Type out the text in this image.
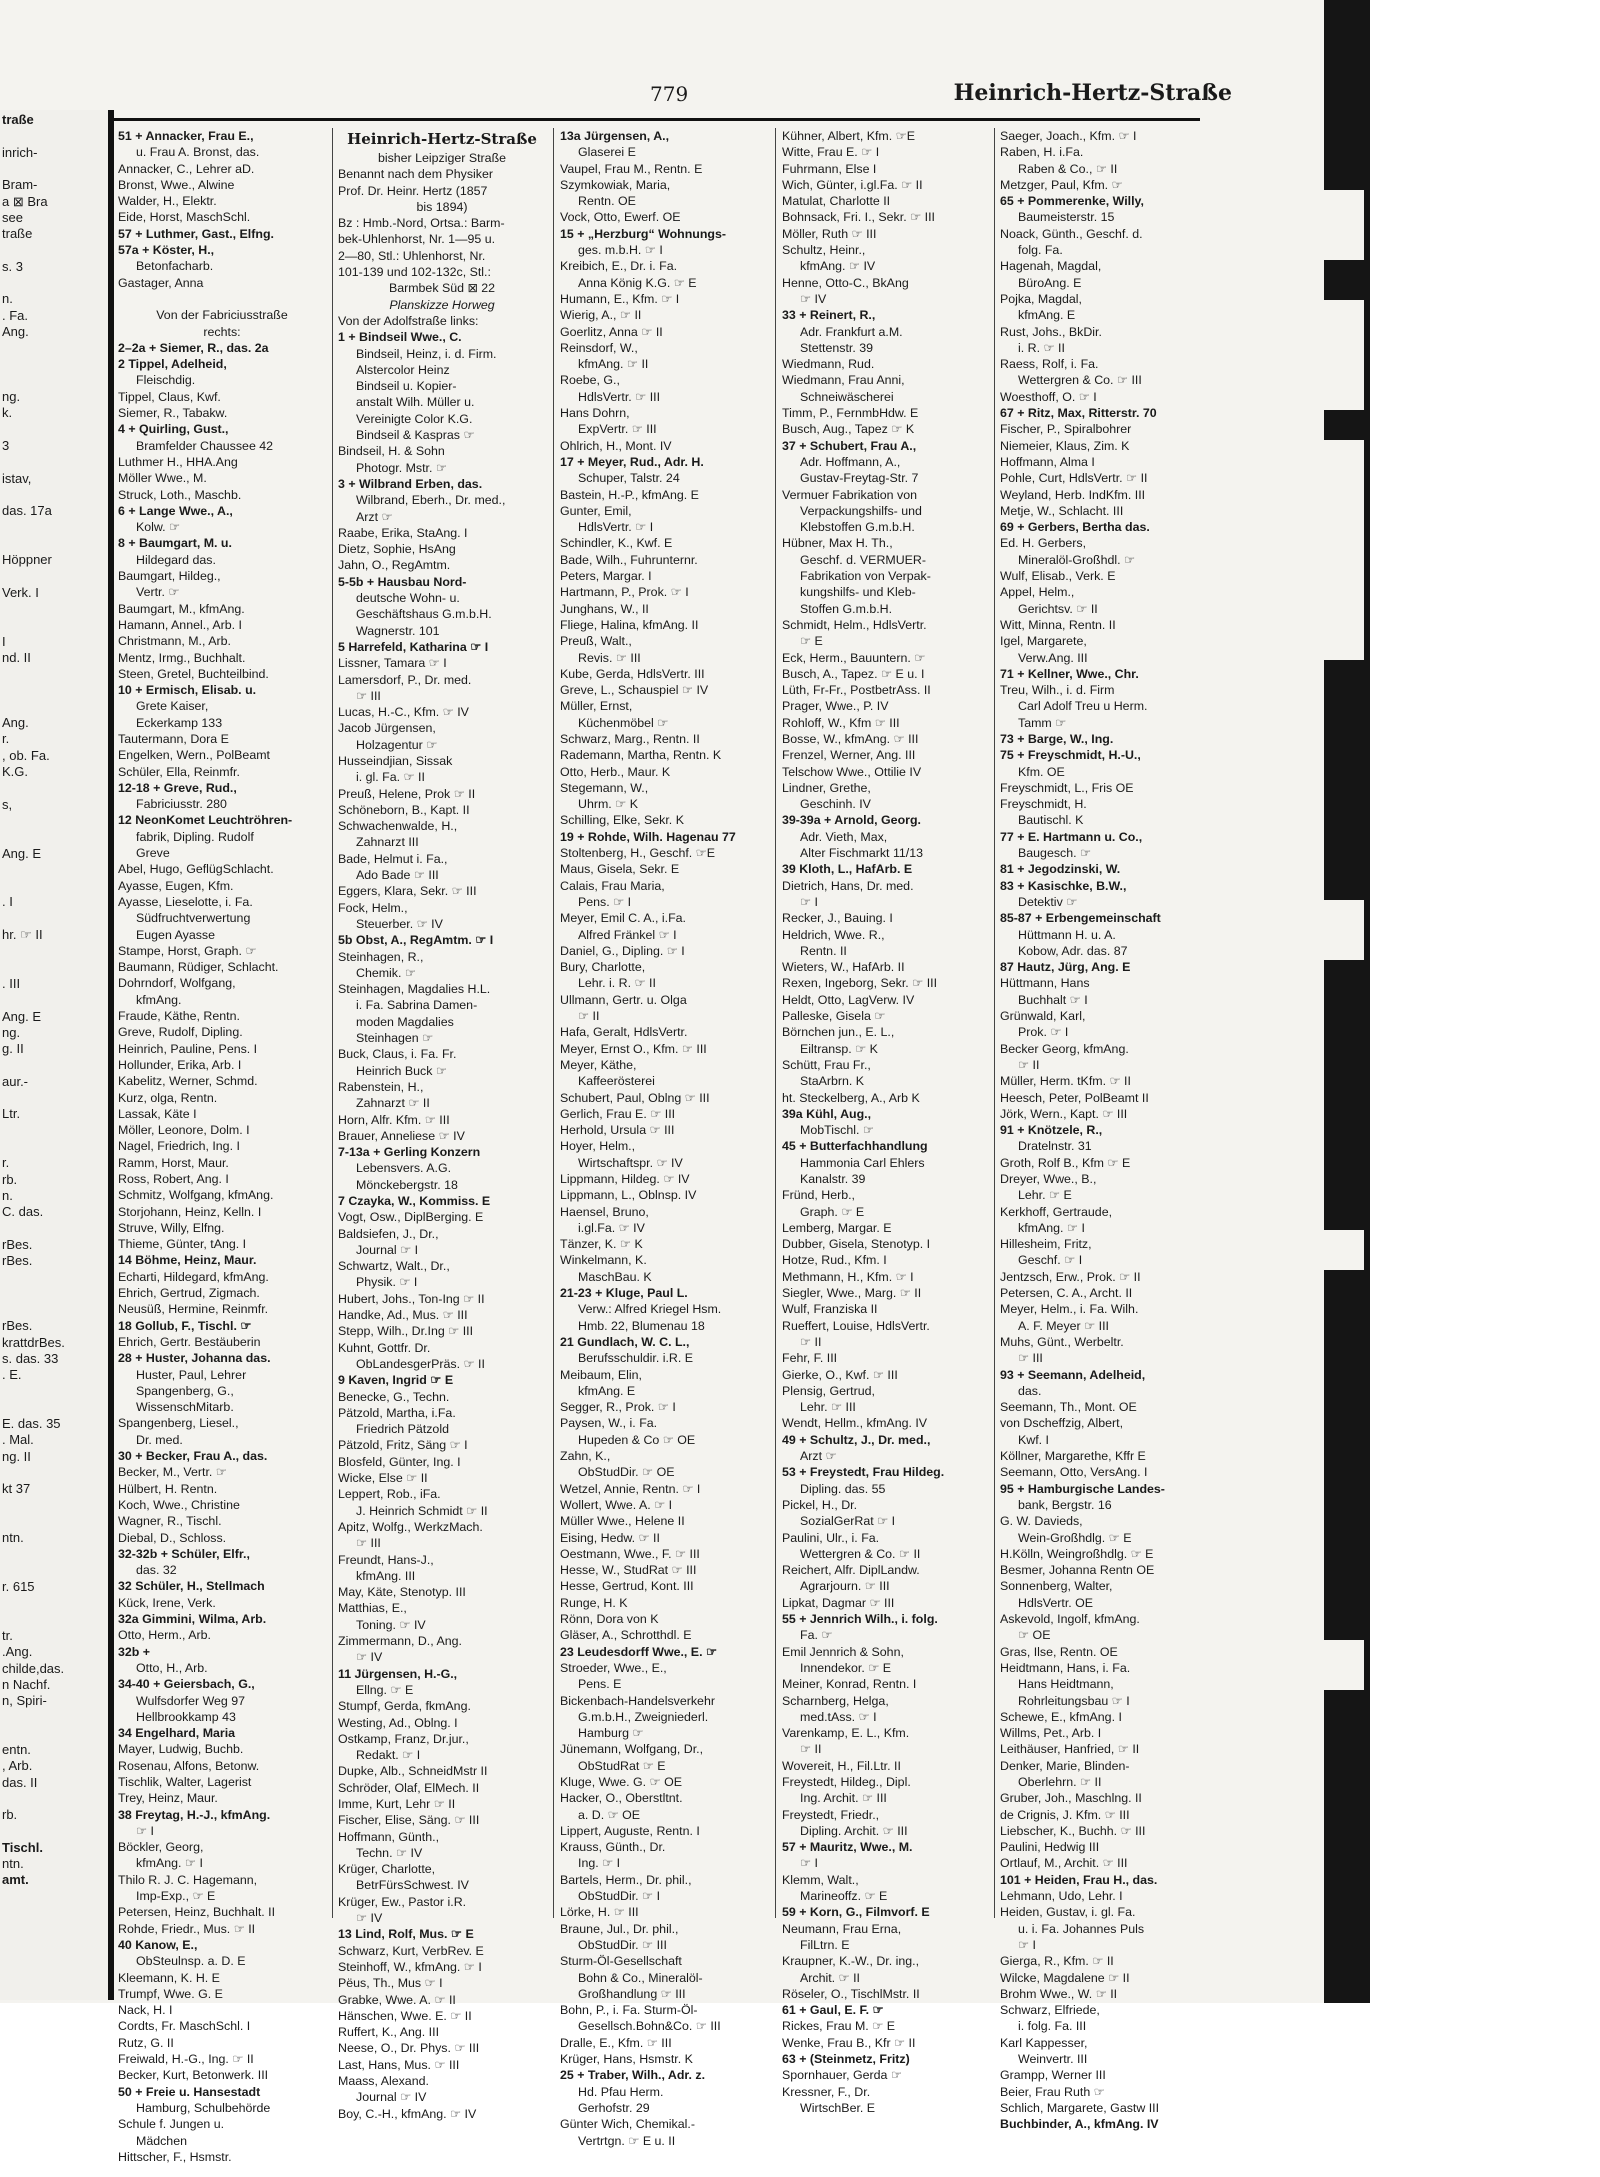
traße
inrich-
Bram-
a ⊠ Bra
see
traße
s. 3
n.
. Fa.
Ang.
ng.
k.
3
istav,
das. 17a
Höppner
Verk. I
I
nd. II
Ang.
r.
, ob. Fa.
K.G.
s,
Ang. E
. I
hr. ☞ II
. III
Ang. E
ng.
g. II
aur.-
Ltr.
r.
rb.
n.
C. das.
rBes.
rBes.
rBes.
krattdrBes.
s. das. 33
. E.
E. das. 35
. Mal.
ng. II
kt 37
ntn.
r. 615
tr.
.Ang.
childe,das.
n Nachf.
n, Spiri-
entn.
, Arb.
das. II
rb.
Tischl.
ntn.
amt.
779	Heinrich-Hertz-Straße
51 + Annacker, Frau E.,
u. Frau A. Bronst, das.
Annacker, C., Lehrer aD.
Bronst, Wwe., Alwine
Walder, H., Elektr.
Eide, Horst, MaschSchl.
57 + Luthmer, Gast., Elfng.
57a + Köster, H.,
Betonfacharb.
Gastager, Anna
Von der Fabriciusstraße
rechts:
2–2a + Siemer, R., das. 2a
2 Tippel, Adelheid,
Fleischdig.
Tippel, Claus, Kwf.
Siemer, R., Tabakw.
4 + Quirling, Gust.,
Bramfelder Chaussee 42
Luthmer H., HHA.Ang
Möller Wwe., M.
Struck, Loth., Maschb.
6 + Lange Wwe., A.,
Kolw. ☞
8 + Baumgart, M. u.
Hildegard das.
Baumgart, Hildeg.,
Vertr. ☞
Baumgart, M., kfmAng.
Hamann, Annel., Arb. I
Christmann, M., Arb.
Mentz, Irmg., Buchhalt.
Steen, Gretel, Buchteilbind.
10 + Ermisch, Elisab. u.
Grete Kaiser,
Eckerkamp 133
Tautermann, Dora E
Engelken, Wern., PolBeamt
Schüler, Ella, Reinmfr.
12-18 + Greve, Rud.,
Fabriciusstr. 280
12 NeonKomet Leuchtröhren-
fabrik, Dipling. Rudolf
Greve
Abel, Hugo, GeflügSchlacht.
Ayasse, Eugen, Kfm.
Ayasse, Lieselotte, i. Fa.
Südfruchtverwertung
Eugen Ayasse
Stampe, Horst, Graph. ☞
Baumann, Rüdiger, Schlacht.
Dohrndorf, Wolfgang,
kfmAng.
Fraude, Käthe, Rentn.
Greve, Rudolf, Dipling.
Heinrich, Pauline, Pens. I
Hollunder, Erika, Arb. I
Kabelitz, Werner, Schmd.
Kurz, olga, Rentn.
Lassak, Käte I
Möller, Leonore, Dolm. I
Nagel, Friedrich, Ing. I
Ramm, Horst, Maur.
Ross, Robert, Ang. I
Schmitz, Wolfgang, kfmAng.
Storjohann, Heinz, Kelln. I
Struve, Willy, Elfng.
Thieme, Günter, tAng. I
14 Böhme, Heinz, Maur.
Echarti, Hildegard, kfmAng.
Ehrich, Gertrud, Zigmach.
Neusüß, Hermine, Reinmfr.
18 Gollub, F., Tischl. ☞
Ehrich, Gertr. Bestäuberin
28 + Huster, Johanna das.
Huster, Paul, Lehrer
Spangenberg, G.,
WissenschMitarb.
Spangenberg, Liesel.,
Dr. med.
30 + Becker, Frau A., das.
Becker, M., Vertr. ☞
Hülbert, H. Rentn.
Koch, Wwe., Christine
Wagner, R., Tischl.
Diebal, D., Schloss.
32-32b + Schüler, Elfr.,
das. 32
32 Schüler, H., Stellmach
Kück, Irene, Verk.
32a Gimmini, Wilma, Arb.
Otto, Herm., Arb.
32b +
Otto, H., Arb.
34-40 + Geiersbach, G.,
Wulfsdorfer Weg 97
Hellbrookkamp 43
34 Engelhard, Maria
Mayer, Ludwig, Buchb.
Rosenau, Alfons, Betonw.
Tischlik, Walter, Lagerist
Trey, Heinz, Maur.
38 Freytag, H.-J., kfmAng.
☞ I
Böckler, Georg,
kfmAng. ☞ I
Thilo R. J. C. Hagemann,
Imp-Exp., ☞ E
Petersen, Heinz, Buchhalt. II
Rohde, Friedr., Mus. ☞ II
40 Kanow, E.,
ObSteulnsp. a. D. E
Kleemann, K. H. E
Trumpf, Wwe. G. E
Nack, H. I
Cordts, Fr. MaschSchl. I
Rutz, G. II
Freiwald, H.-G., Ing. ☞ II
Becker, Kurt, Betonwerk. III
50 + Freie u. Hansestadt
Hamburg, Schulbehörde
Schule f. Jungen u.
Mädchen
Hittscher, F., Hsmstr.
Heinrich-Hertz-Straße
bisher Leipziger Straße
Benannt nach dem Physiker
Prof. Dr. Heinr. Hertz (1857
bis 1894)
Bz : Hmb.-Nord, Ortsa.: Barm-
bek-Uhlenhorst, Nr. 1—95 u.
2—80, Stl.: Uhlenhorst, Nr.
101-139 und 102-132c, Stl.:
Barmbek Süd ⊠ 22
Planskizze Horweg
Von der Adolfstraße links:
1 + Bindseil Wwe., C.
Bindseil, Heinz, i. d. Firm.
Alstercolor Heinz
Bindseil u. Kopier-
anstalt Wilh. Müller u.
Vereinigte Color K.G.
Bindseil & Kaspras ☞
Bindseil, H. & Sohn
Photogr. Mstr. ☞
3 + Wilbrand Erben, das.
Wilbrand, Eberh., Dr. med.,
Arzt ☞
Raabe, Erika, StaAng. I
Dietz, Sophie, HsAng
Jahn, O., RegAmtm.
5-5b + Hausbau Nord-
deutsche Wohn- u.
Geschäftshaus G.m.b.H.
Wagnerstr. 101
5 Harrefeld, Katharina ☞ I
Lissner, Tamara ☞ I
Lamersdorf, P., Dr. med.
☞ III
Lucas, H.-C., Kfm. ☞ IV
Jacob Jürgensen,
Holzagentur ☞
Husseindjian, Sissak
i. gl. Fa. ☞ II
Preuß, Helene, Prok ☞ II
Schöneborn, B., Kapt. II
Schwachenwalde, H.,
Zahnarzt III
Bade, Helmut i. Fa.,
Ado Bade ☞ III
Eggers, Klara, Sekr. ☞ III
Fock, Helm.,
Steuerber. ☞ IV
5b Obst, A., RegAmtm. ☞ I
Steinhagen, R.,
Chemik. ☞
Steinhagen, Magdalies H.L.
i. Fa. Sabrina Damen-
moden Magdalies
Steinhagen ☞
Buck, Claus, i. Fa. Fr.
Heinrich Buck ☞
Rabenstein, H.,
Zahnarzt ☞ II
Horn, Alfr. Kfm. ☞ III
Brauer, Anneliese ☞ IV
7-13a + Gerling Konzern
Lebensvers. A.G.
Mönckebergstr. 18
7 Czayka, W., Kommiss. E
Vogt, Osw., DiplBerging. E
Baldsiefen, J., Dr.,
Journal ☞ I
Schwartz, Walt., Dr.,
Physik. ☞ I
Hubert, Johs., Ton-Ing ☞ II
Handke, Ad., Mus. ☞ III
Stepp, Wilh., Dr.Ing ☞ III
Kuhnt, Gottfr. Dr.
ObLandesgerPräs. ☞ II
9 Kaven, Ingrid ☞ E
Benecke, G., Techn.
Pätzold, Martha, i.Fa.
Friedrich Pätzold
Pätzold, Fritz, Säng ☞ I
Blosfeld, Günter, Ing. I
Wicke, Else ☞ II
Leppert, Rob., iFa.
J. Heinrich Schmidt ☞ II
Apitz, Wolfg., WerkzMach.
☞ III
Freundt, Hans-J.,
kfmAng. III
May, Käte, Stenotyp. III
Matthias, E.,
Toning. ☞ IV
Zimmermann, D., Ang.
☞ IV
11 Jürgensen, H.-G.,
Ellng. ☞ E
Stumpf, Gerda, fkmAng.
Westing, Ad., Oblng. I
Ostkamp, Franz, Dr.jur.,
Redakt. ☞ I
Dupke, Alb., SchneidMstr II
Schröder, Olaf, ElMech. II
Imme, Kurt, Lehr ☞ II
Fischer, Elise, Säng. ☞ III
Hoffmann, Günth.,
Techn. ☞ IV
Krüger, Charlotte,
BetrFürsSchwest. IV
Krüger, Ew., Pastor i.R.
☞ IV
13 Lind, Rolf, Mus. ☞ E
Schwarz, Kurt, VerbRev. E
Steinhoff, W., kfmAng. ☞ I
Pëus, Th., Mus ☞ I
Grabke, Wwe. A. ☞ II
Hänschen, Wwe. E. ☞ II
Ruffert, K., Ang. III
Neese, O., Dr. Phys. ☞ III
Last, Hans, Mus. ☞ III
Maass, Alexand.
Journal ☞ IV
Boy, C.-H., kfmAng. ☞ IV
13a Jürgensen, A.,
Glaserei E
Vaupel, Frau M., Rentn. E
Szymkowiak, Maria,
Rentn. OE
Vock, Otto, Ewerf. OE
15 + „Herzburg“ Wohnungs-
ges. m.b.H. ☞ I
Kreibich, E., Dr. i. Fa.
Anna König K.G. ☞ E
Humann, E., Kfm. ☞ I
Wierig, A., ☞ II
Goerlitz, Anna ☞ II
Reinsdorf, W.,
kfmAng. ☞ II
Roebe, G.,
HdlsVertr. ☞ III
Hans Dohrn,
ExpVertr. ☞ III
Ohlrich, H., Mont. IV
17 + Meyer, Rud., Adr. H.
Schuper, Talstr. 24
Bastein, H.-P., kfmAng. E
Gunter, Emil,
HdlsVertr. ☞ I
Schindler, K., Kwf. E
Bade, Wilh., Fuhrunternr.
Peters, Margar. I
Hartmann, P., Prok. ☞ I
Junghans, W., II
Fliege, Halina, kfmAng. II
Preuß, Walt.,
Revis. ☞ III
Kube, Gerda, HdlsVertr. III
Greve, L., Schauspiel ☞ IV
Müller, Ernst,
Küchenmöbel ☞
Schwarz, Marg., Rentn. II
Rademann, Martha, Rentn. K
Otto, Herb., Maur. K
Stegemann, W.,
Uhrm. ☞ K
Schilling, Elke, Sekr. K
19 + Rohde, Wilh. Hagenau 77
Stoltenberg, H., Geschf. ☞E
Maus, Gisela, Sekr. E
Calais, Frau Maria,
Pens. ☞ I
Meyer, Emil C. A., i.Fa.
Alfred Fränkel ☞ I
Daniel, G., Dipling. ☞ I
Bury, Charlotte,
Lehr. i. R. ☞ II
Ullmann, Gertr. u. Olga
☞ II
Hafa, Geralt, HdlsVertr.
Meyer, Ernst O., Kfm. ☞ III
Meyer, Käthe,
Kaffeerösterei
Schubert, Paul, Oblng ☞ III
Gerlich, Frau E. ☞ III
Herhold, Ursula ☞ III
Hoyer, Helm.,
Wirtschaftspr. ☞ IV
Lippmann, Hildeg. ☞ IV
Lippmann, L., Oblnsp. IV
Haensel, Bruno,
i.gl.Fa. ☞ IV
Tänzer, K. ☞ K
Winkelmann, K.
MaschBau. K
21-23 + Kluge, Paul L.
Verw.: Alfred Kriegel Hsm.
Hmb. 22, Blumenau 18
21 Gundlach, W. C. L.,
Berufsschuldir. i.R. E
Meibaum, Elin,
kfmAng. E
Segger, R., Prok. ☞ I
Paysen, W., i. Fa.
Hupeden & Co ☞ OE
Zahn, K.,
ObStudDir. ☞ OE
Wetzel, Annie, Rentn. ☞ I
Wollert, Wwe. A. ☞ I
Müller Wwe., Helene II
Eising, Hedw. ☞ II
Oestmann, Wwe., F. ☞ III
Hesse, W., StudRat ☞ III
Hesse, Gertrud, Kont. III
Runge, H. K
Rönn, Dora von K
Gläser, A., Schrotthdl. E
23 Leudesdorff Wwe., E. ☞
Stroeder, Wwe., E.,
Pens. E
Bickenbach-Handelsverkehr
G.m.b.H., Zweigniederl.
Hamburg ☞
Jünemann, Wolfgang, Dr.,
ObStudRat ☞ E
Kluge, Wwe. G. ☞ OE
Hacker, O., Oberstltnt.
a. D. ☞ OE
Lippert, Auguste, Rentn. I
Krauss, Günth., Dr.
Ing. ☞ I
Bartels, Herm., Dr. phil.,
ObStudDir. ☞ I
Lörke, H. ☞ III
Braune, Jul., Dr. phil.,
ObStudDir. ☞ III
Sturm-Öl-Gesellschaft
Bohn & Co., Mineralöl-
Großhandlung ☞ III
Bohn, P., i. Fa. Sturm-Öl-
Gesellsch.Bohn&Co. ☞ III
Dralle, E., Kfm. ☞ III
Krüger, Hans, Hsmstr. K
25 + Traber, Wilh., Adr. z.
Hd. Pfau Herm.
Gerhofstr. 29
Günter Wich, Chemikal.-
Vertrtgn. ☞ E u. II
Kühner, Albert, Kfm. ☞E
Witte, Frau E. ☞ I
Fuhrmann, Else I
Wich, Günter, i.gl.Fa. ☞ II
Matulat, Charlotte II
Bohnsack, Fri. I., Sekr. ☞ III
Möller, Ruth ☞ III
Schultz, Heinr.,
kfmAng. ☞ IV
Henne, Otto-C., BkAng
☞ IV
33 + Reinert, R.,
Adr. Frankfurt a.M.
Stettenstr. 39
Wiedmann, Rud.
Wiedmann, Frau Anni,
Schneiwäscherei
Timm, P., FernmbHdw. E
Busch, Aug., Tapez ☞ K
37 + Schubert, Frau A.,
Adr. Hoffmann, A.,
Gustav-Freytag-Str. 7
Vermuer Fabrikation von
Verpackungshilfs- und
Klebstoffen G.m.b.H.
Hübner, Max H. Th.,
Geschf. d. VERMUER-
Fabrikation von Verpak-
kungshilfs- und Kleb-
Stoffen G.m.b.H.
Schmidt, Helm., HdlsVertr.
☞ E
Eck, Herm., Bauuntern. ☞
Busch, A., Tapez. ☞ E u. I
Lüth, Fr-Fr., PostbetrAss. II
Prager, Wwe., P. IV
Rohloff, W., Kfm ☞ III
Bosse, W., kfmAng. ☞ III
Frenzel, Werner, Ang. III
Telschow Wwe., Ottilie IV
Lindner, Grethe,
Geschinh. IV
39-39a + Arnold, Georg.
Adr. Vieth, Max,
Alter Fischmarkt 11/13
39 Kloth, L., HafArb. E
Dietrich, Hans, Dr. med.
☞ I
Recker, J., Bauing. I
Heldrich, Wwe. R.,
Rentn. II
Wieters, W., HafArb. II
Rexen, Ingeborg, Sekr. ☞ III
Heldt, Otto, LagVerw. IV
Palleske, Gisela ☞
Börnchen jun., E. L.,
Eiltransp. ☞ K
Schütt, Frau Fr.,
StaArbrn. K
ht. Steckelberg, A., Arb K
39a Kühl, Aug.,
MobTischl. ☞
45 + Butterfachhandlung
Hammonia Carl Ehlers
Kanalstr. 39
Fründ, Herb.,
Graph. ☞ E
Lemberg, Margar. E
Dubber, Gisela, Stenotyp. I
Hotze, Rud., Kfm. I
Methmann, H., Kfm. ☞ I
Siegler, Wwe., Marg. ☞ II
Wulf, Franziska II
Rueffert, Louise, HdlsVertr.
☞ II
Fehr, F. III
Gierke, O., Kwf. ☞ III
Plensig, Gertrud,
Lehr. ☞ III
Wendt, Hellm., kfmAng. IV
49 + Schultz, J., Dr. med.,
Arzt ☞
53 + Freystedt, Frau Hildeg.
Dipling. das. 55
Pickel, H., Dr.
SozialGerRat ☞ I
Paulini, Ulr., i. Fa.
Wettergren & Co. ☞ II
Reichert, Alfr. DiplLandw.
Agrarjourn. ☞ III
Lipkat, Dagmar ☞ III
55 + Jennrich Wilh., i. folg.
Fa. ☞
Emil Jennrich & Sohn,
Innendekor. ☞ E
Meiner, Konrad, Rentn. I
Scharnberg, Helga,
med.tAss. ☞ I
Varenkamp, E. L., Kfm.
☞ II
Wovereit, H., Fil.Ltr. II
Freystedt, Hildeg., Dipl.
Ing. Archit. ☞ III
Freystedt, Friedr.,
Dipling. Archit. ☞ III
57 + Mauritz, Wwe., M.
☞ I
Klemm, Walt.,
Marineoffz. ☞ E
59 + Korn, G., Filmvorf. E
Neumann, Frau Erna,
FilLtrn. E
Kraupner, K.-W., Dr. ing.,
Archit. ☞ II
Röseler, O., TischlMstr. II
61 + Gaul, E. F. ☞
Rickes, Frau M. ☞ E
Wenke, Frau B., Kfr ☞ II
63 + (Steinmetz, Fritz)
Spornhauer, Gerda ☞
Kressner, F., Dr.
WirtschBer. E
Saeger, Joach., Kfm. ☞ I
Raben, H. i.Fa.
Raben & Co., ☞ II
Metzger, Paul, Kfm. ☞
65 + Pommerenke, Willy,
Baumeisterstr. 15
Noack, Günth., Geschf. d.
folg. Fa.
Hagenah, Magdal,
BüroAng. E
Pojka, Magdal,
kfmAng. E
Rust, Johs., BkDir.
i. R. ☞ II
Raess, Rolf, i. Fa.
Wettergren & Co. ☞ III
Woesthoff, O. ☞ I
67 + Ritz, Max, Ritterstr. 70
Fischer, P., Spiralbohrer
Niemeier, Klaus, Zim. K
Hoffmann, Alma I
Pohle, Curt, HdlsVertr. ☞ II
Weyland, Herb. IndKfm. III
Metje, W., Schlacht. III
69 + Gerbers, Bertha das.
Ed. H. Gerbers,
Mineralöl-Großhdl. ☞
Wulf, Elisab., Verk. E
Appel, Helm.,
Gerichtsv. ☞ II
Witt, Minna, Rentn. II
Igel, Margarete,
Verw.Ang. III
71 + Kellner, Wwe., Chr.
Treu, Wilh., i. d. Firm
Carl Adolf Treu u Herm.
Tamm ☞
73 + Barge, W., Ing.
75 + Freyschmidt, H.-U.,
Kfm. OE
Freyschmidt, L., Fris OE
Freyschmidt, H.
Bautischl. K
77 + E. Hartmann u. Co.,
Baugesch. ☞
81 + Jegodzinski, W.
83 + Kasischke, B.W.,
Detektiv ☞
85-87 + Erbengemeinschaft
Hüttmann H. u. A.
Kobow, Adr. das. 87
87 Hautz, Jürg, Ang. E
Hüttmann, Hans
Buchhalt ☞ I
Grünwald, Karl,
Prok. ☞ I
Becker Georg, kfmAng.
☞ II
Müller, Herm. tKfm. ☞ II
Heesch, Peter, PolBeamt II
Jörk, Wern., Kapt. ☞ III
91 + Knötzele, R.,
Dratelnstr. 31
Groth, Rolf B., Kfm ☞ E
Dreyer, Wwe., B.,
Lehr. ☞ E
Kerkhoff, Gertraude,
kfmAng. ☞ I
Hillesheim, Fritz,
Geschf. ☞ I
Jentzsch, Erw., Prok. ☞ II
Petersen, C. A., Archt. II
Meyer, Helm., i. Fa. Wilh.
A. F. Meyer ☞ III
Muhs, Günt., Werbeltr.
☞ III
93 + Seemann, Adelheid,
das.
Seemann, Th., Mont. OE
von Dscheffzig, Albert,
Kwf. I
Köllner, Margarethe, Kffr E
Seemann, Otto, VersAng. I
95 + Hamburgische Landes-
bank, Bergstr. 16
G. W. Daviеds,
Wein-Großhdlg. ☞ E
H.Kölln, Weingroßhdlg. ☞ E
Besmer, Johanna Rentn OE
Sonnenberg, Walter,
HdlsVertr. OE
Askevold, Ingolf, kfmAng.
☞ OE
Gras, Ilse, Rentn. OE
Heidtmann, Hans, i. Fa.
Hans Heidtmann,
Rohrleitungsbau ☞ I
Schewe, E., kfmAng. I
Willms, Pet., Arb. I
Leithäuser, Hanfried, ☞ II
Denker, Marie, Blinden-
Oberlehrn. ☞ II
Gruber, Joh., Maschlng. II
de Crignis, J. Kfm. ☞ III
Liebscher, K., Buchh. ☞ III
Paulini, Hedwig III
Ortlauf, M., Archit. ☞ III
101 + Heiden, Frau H., das.
Lehmann, Udo, Lehr. I
Heiden, Gustav, i. gl. Fa.
u. i. Fa. Johannes Puls
☞ I
Gierga, R., Kfm. ☞ II
Wilcke, Magdalene ☞ II
Brohm Wwe., W. ☞ II
Schwarz, Elfriede,
i. folg. Fa. III
Karl Kappesser,
Weinvertr. III
Grampp, Werner III
Beier, Frau Ruth ☞
Schlich, Margarete, Gastw III
Buchbinder, A., kfmAng. IV
